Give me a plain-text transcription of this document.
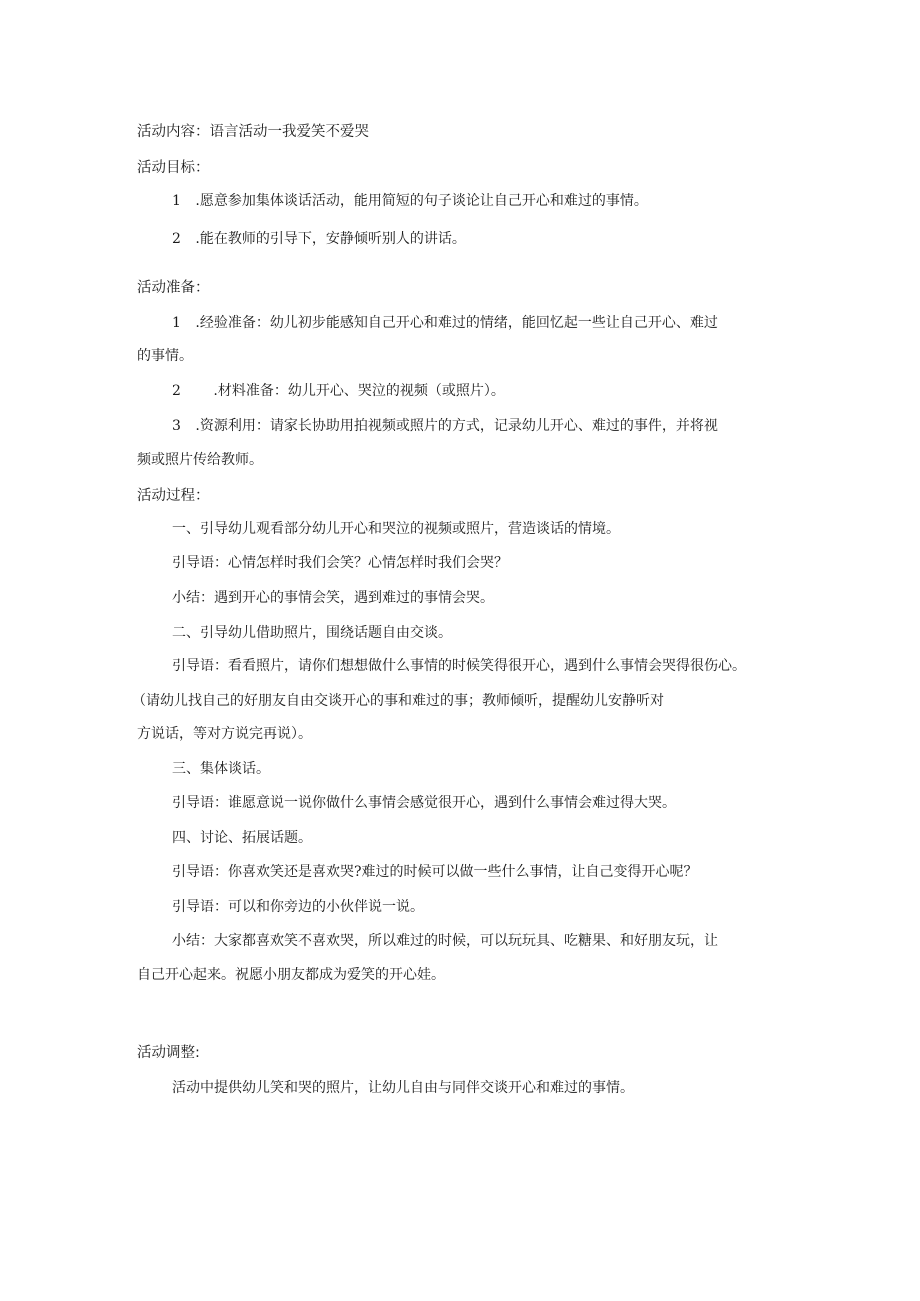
活动内容：语言活动一我爱笑不爱哭
活动目标：
1 .愿意参加集体谈话活动，能用简短的句子谈论让自己开心和难过的事情。
2 .能在教师的引导下，安静倾听别人的讲话。
活动准备：
1 .经验准备：幼儿初步能感知自己开心和难过的情绪，能回忆起一些让自己开心、难过
的事情。
2 .材料准备：幼儿开心、哭泣的视频（或照片）。
3 .资源利用：请家长协助用拍视频或照片的方式，记录幼儿开心、难过的事件，并将视
频或照片传给教师。
活动过程：
一、引导幼儿观看部分幼儿开心和哭泣的视频或照片，营造谈话的情境。
引导语：心情怎样时我们会笑？心情怎样时我们会哭？
小结：遇到开心的事情会笑，遇到难过的事情会哭。
二、引导幼儿借助照片，围绕话题自由交谈。
引导语：看看照片，请你们想想做什么事情的时候笑得很开心，遇到什么事情会哭得很伤心。
（请幼儿找自己的好朋友自由交谈开心的事和难过的事；教师倾听，提醒幼儿安静听对
方说话，等对方说完再说）。
三、集体谈话。
引导语：谁愿意说一说你做什么事情会感觉很开心，遇到什么事情会难过得大哭。
四、讨论、拓展话题。
引导语：你喜欢笑还是喜欢哭?难过的时候可以做一些什么事情，让自己变得开心呢？
引导语：可以和你旁边的小伙伴说一说。
小结：大家都喜欢笑不喜欢哭，所以难过的时候，可以玩玩具、吃糖果、和好朋友玩，让
自己开心起来。祝愿小朋友都成为爱笑的开心娃。
活动调整:
活动中提供幼儿笑和哭的照片，让幼儿自由与同伴交谈开心和难过的事情。
